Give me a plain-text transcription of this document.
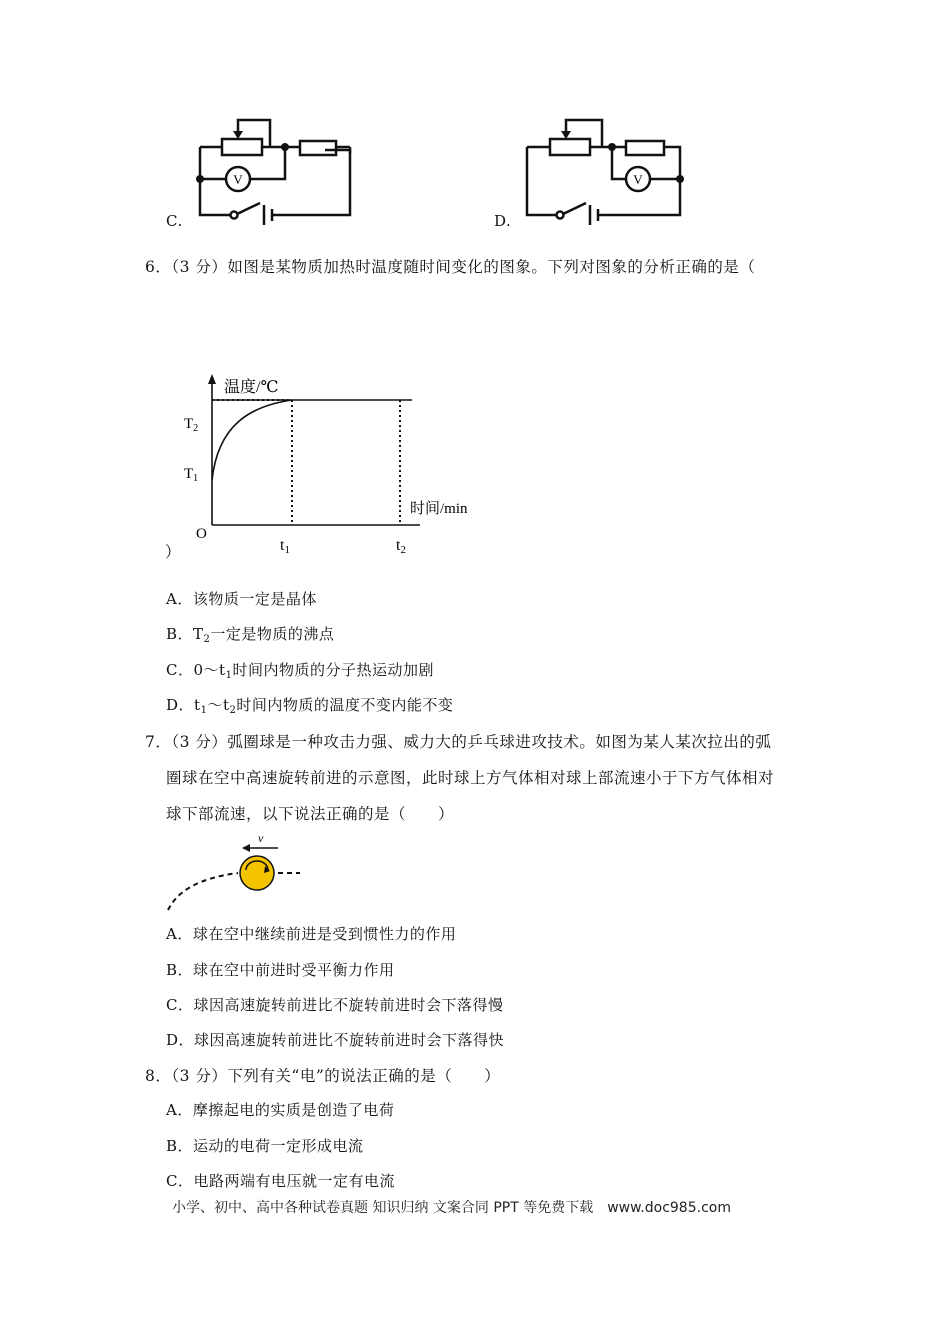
V
C.
V
D.
6．（3 分）如图是某物质加热时温度随时间变化的图象。下列对图象的分析正确的是（
温度/℃
时间/min
O
$T_2$
$T_1$
t1	t2
）
A．该物质一定是晶体
B．$T_2$一定是物质的沸点
C．$0\sim t_1$时间内物质的分子热运动加剧
D．$t_1\sim t_2$时间内物质的温度不变内能不变
7．（3 分）弧圈球是一种攻击力强、威力大的乒乓球进攻技术。如图为某人某次拉出的弧
圈球在空中高速旋转前进的示意图，此时球上方气体相对球上部流速小于下方气体相对
球下部流速，以下说法正确的是（　　）
v
A．球在空中继续前进是受到惯性力的作用
B．球在空中前进时受平衡力作用
C．球因高速旋转前进比不旋转前进时会下落得慢
D．球因高速旋转前进比不旋转前进时会下落得快
8．（3 分）下列有关“电”的说法正确的是（　　）
A．摩擦起电的实质是创造了电荷
B．运动的电荷一定形成电流
C．电路两端有电压就一定有电流
小学、初中、高中各种试卷真题 知识归纳 文案合同 PPT 等免费下载　www.doc985.com
